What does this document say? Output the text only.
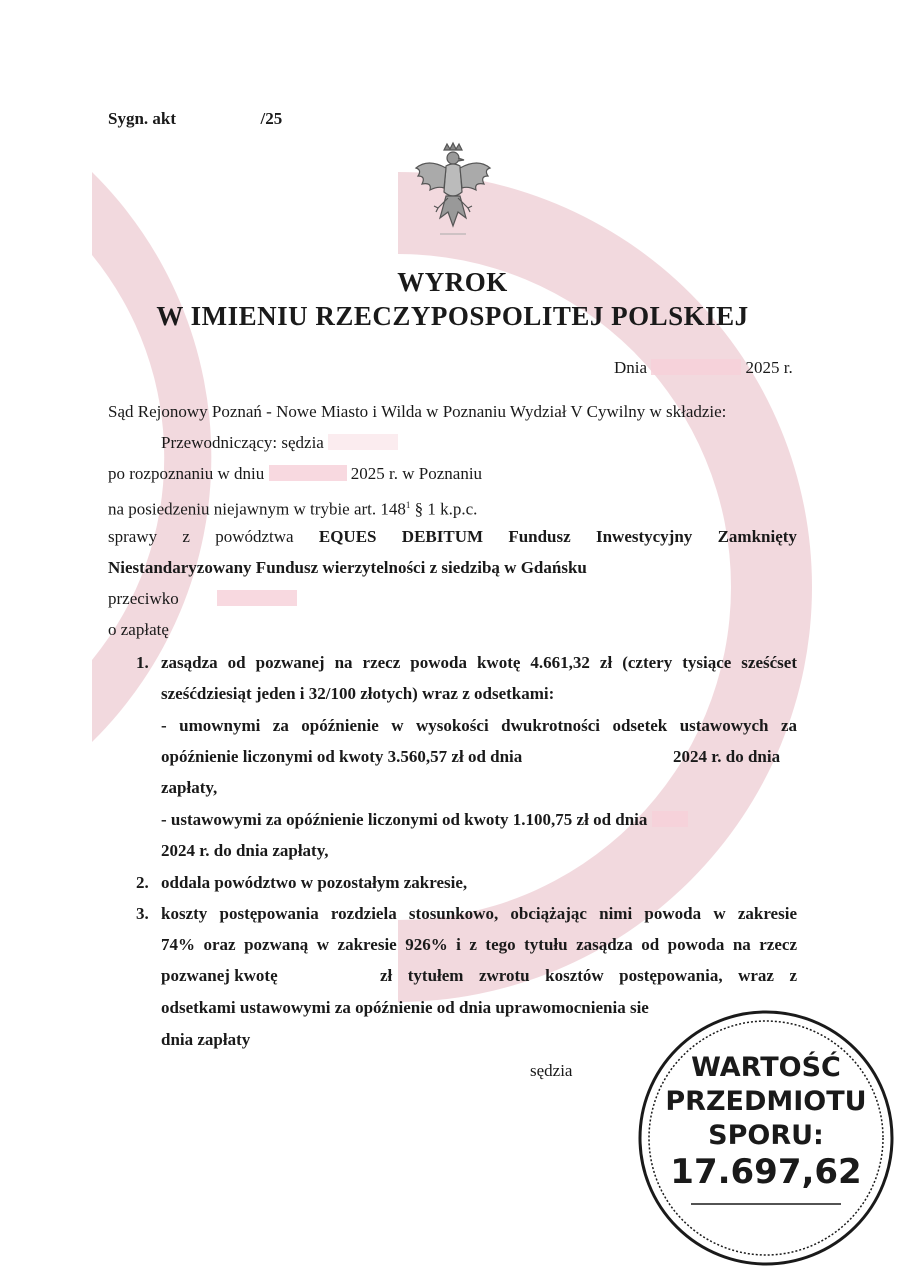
Sygn. akt	/25
WYROK
W IMIENIU RZECZYPOSPOLITEJ POLSKIEJ
Dnia	2025 r.
Sąd Rejonowy Poznań - Nowe Miasto i Wilda w Poznaniu Wydział V Cywilny w składzie:
Przewodniczący: sędzia
po rozpoznaniu w dniu	2025 r. w Poznaniu
na posiedzeniu niejawnym w trybie art. $148^1$ § 1 k.p.c.
sprawy z powództwa EQUES DEBITUM Fundusz Inwestycyjny Zamknięty
Niestandaryzowany Fundusz wierzytelności z siedzibą w Gdańsku
przeciwko
o zapłatę
1. zasądza od pozwanej na rzecz powoda kwotę 4.661,32 zł (cztery tysiące sześćset
sześćdziesiąt jeden i 32/100 złotych) wraz z odsetkami:
- umownymi za opóźnienie w wysokości dwukrotności odsetek ustawowych za
opóźnienie liczonymi od kwoty 3.560,57 zł od dnia	2024 r. do dnia
zapłaty,
- ustawowymi za opóźnienie liczonymi od kwoty 1.100,75 zł od dnia
2024 r. do dnia zapłaty,
2. oddala powództwo w pozostałym zakresie,
3. koszty postępowania rozdziela stosunkowo, obciążając nimi powoda w zakresie
74% oraz pozwaną w zakresie 926% i z tego tytułu zasądza od powoda na rzecz
pozwanej kwotę	zł tytułem zwrotu kosztów postępowania, wraz z
odsetkami ustawowymi za opóźnienie od dnia uprawomocnienia sie
dnia zapłaty
sędzia	WARTOŚĆ
PRZEDMIOTU
SPORU:
17.697,62
